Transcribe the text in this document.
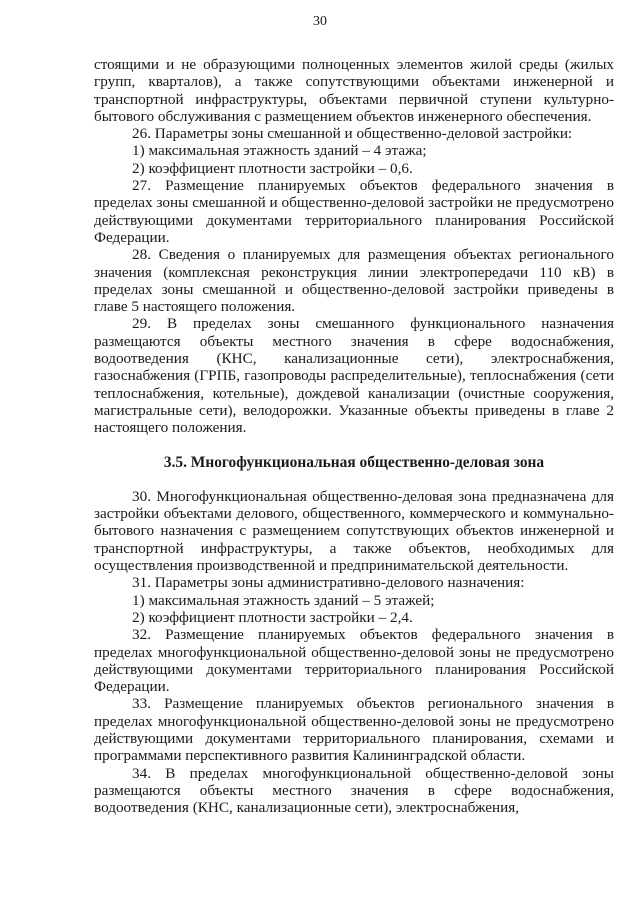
30

стоящими и не образующими полноценных элементов жилой среды (жилых групп, кварталов), а также сопутствующими объектами инженерной и транспортной инфраструктуры, объектами первичной ступени культурно-бытового обслуживания с размещением объектов инженерного обеспечения.

26. Параметры зоны смешанной и общественно-деловой застройки:

1) максимальная этажность зданий – 4 этажа;

2) коэффициент плотности застройки – 0,6.

27. Размещение планируемых объектов федерального значения в пределах зоны смешанной и общественно-деловой застройки не предусмотрено действующими документами территориального планирования Российской Федерации.

28. Сведения о планируемых для размещения объектах регионального значения (комплексная реконструкция линии электропередачи 110 кВ) в пределах зоны смешанной и общественно-деловой застройки приведены в главе 5 настоящего положения.

29. В пределах зоны смешанного функционального назначения размещаются объекты местного значения в сфере водоснабжения, водоотведения (КНС, канализационные сети), электроснабжения, газоснабжения (ГРПБ, газопроводы распределительные), теплоснабжения (сети теплоснабжения, котельные), дождевой канализации (очистные сооружения, магистральные сети), велодорожки. Указанные объекты приведены в главе 2 настоящего положения.

3.5. Многофункциональная общественно-деловая зона

30. Многофункциональная общественно-деловая зона предназначена для застройки объектами делового, общественного, коммерческого и коммунально-бытового назначения с размещением сопутствующих объектов инженерной и транспортной инфраструктуры, а также объектов, необходимых для осуществления производственной и предпринимательской деятельности.

31. Параметры зоны административно-делового назначения:

1) максимальная этажность зданий – 5 этажей;

2) коэффициент плотности застройки – 2,4.

32. Размещение планируемых объектов федерального значения в пределах многофункциональной общественно-деловой зоны не предусмотрено действующими документами территориального планирования Российской Федерации.

33. Размещение планируемых объектов регионального значения в пределах многофункциональной общественно-деловой зоны не предусмотрено действующими документами территориального планирования, схемами и программами перспективного развития Калининградской области.

34. В пределах многофункциональной общественно-деловой зоны размещаются объекты местного значения в сфере водоснабжения, водоотведения (КНС, канализационные сети), электроснабжения,
